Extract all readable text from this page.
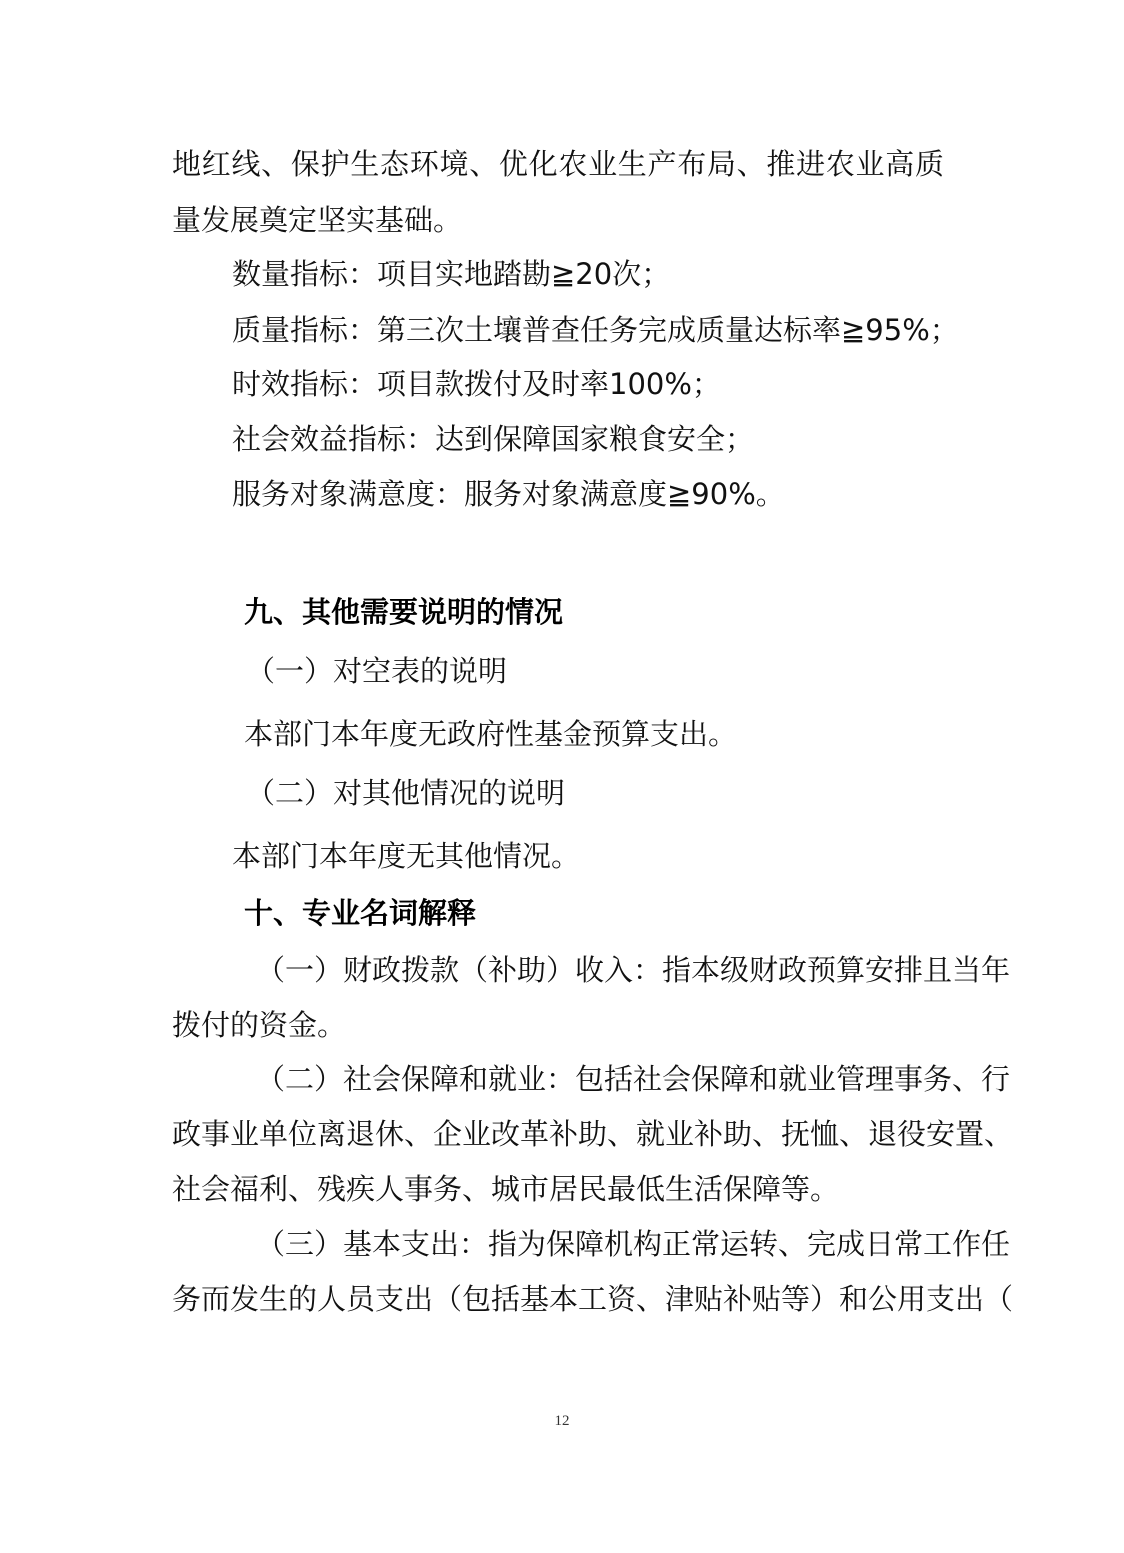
地红线、保护生态环境、优化农业生产布局、推进农业高质
量发展奠定坚实基础。
数量指标：项目实地踏勘≧20次；
质量指标：第三次土壤普查任务完成质量达标率≧95%；
时效指标：项目款拨付及时率100%；
社会效益指标：达到保障国家粮食安全；
服务对象满意度：服务对象满意度≧90%。
九、其他需要说明的情况
（一）对空表的说明
本部门本年度无政府性基金预算支出。
（二）对其他情况的说明
本部门本年度无其他情况。
十、专业名词解释
（一）财政拨款（补助）收入：指本级财政预算安排且当年
拨付的资金。
（二）社会保障和就业：包括社会保障和就业管理事务、行
政事业单位离退休、企业改革补助、就业补助、抚恤、退役安置、
社会福利、残疾人事务、城市居民最低生活保障等。
（三）基本支出：指为保障机构正常运转、完成日常工作任
务而发生的人员支出（包括基本工资、津贴补贴等）和公用支出（
12
